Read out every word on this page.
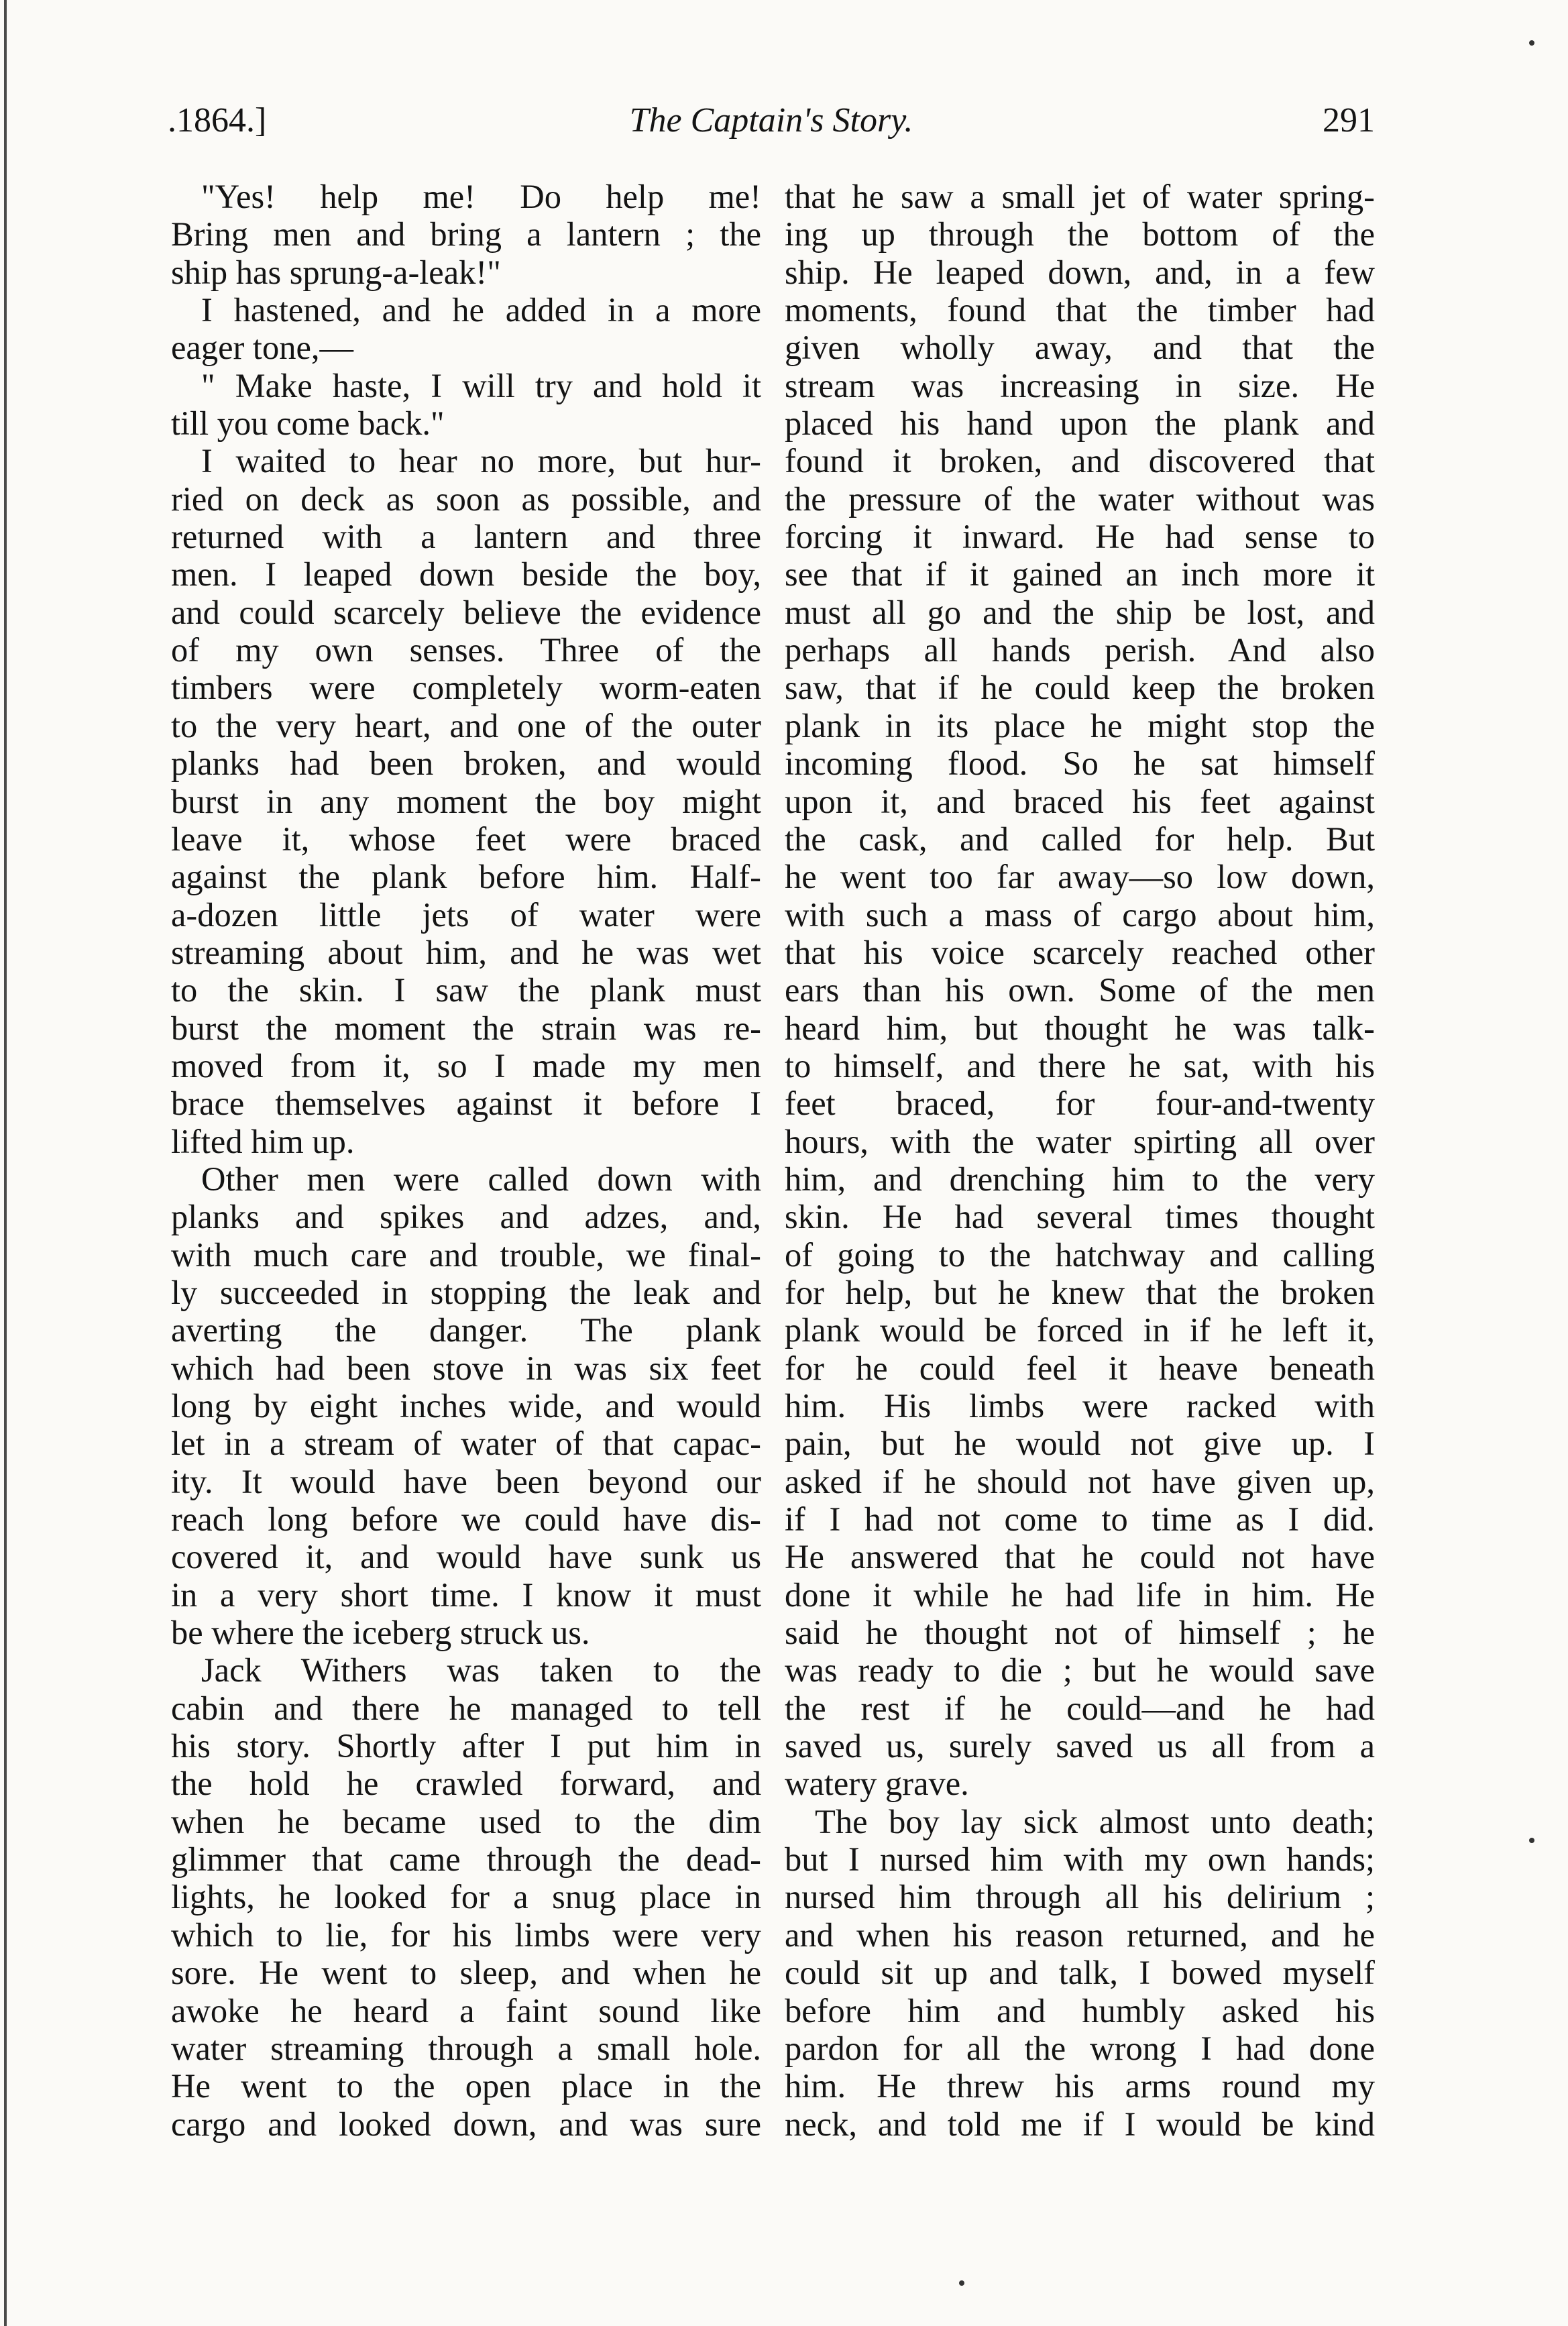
.1864.]	The Captain's Story.	291
"Yes! help me! Do help me!
Bring men and bring a lantern ; the
ship has sprung-a-leak!"
I hastened, and he added in a more
eager tone,—
" Make haste, I will try and hold it
till you come back."
I waited to hear no more, but hur-
ried on deck as soon as possible, and
returned with a lantern and three
men. I leaped down beside the boy,
and could scarcely believe the evidence
of my own senses. Three of the
timbers were completely worm-eaten
to the very heart, and one of the outer
planks had been broken, and would
burst in any moment the boy might
leave it, whose feet were braced
against the plank before him. Half-
a-dozen little jets of water were
streaming about him, and he was wet
to the skin. I saw the plank must
burst the moment the strain was re-
moved from it, so I made my men
brace themselves against it before I
lifted him up.
Other men were called down with
planks and spikes and adzes, and,
with much care and trouble, we final-
ly succeeded in stopping the leak and
averting the danger. The plank
which had been stove in was six feet
long by eight inches wide, and would
let in a stream of water of that capac-
ity. It would have been beyond our
reach long before we could have dis-
covered it, and would have sunk us
in a very short time. I know it must
be where the iceberg struck us.
Jack Withers was taken to the
cabin and there he managed to tell
his story. Shortly after I put him in
the hold he crawled forward, and
when he became used to the dim
glimmer that came through the dead-
lights, he looked for a snug place in
which to lie, for his limbs were very
sore. He went to sleep, and when he
awoke he heard a faint sound like
water streaming through a small hole.
He went to the open place in the
cargo and looked down, and was sure
that he saw a small jet of water spring-
ing up through the bottom of the
ship. He leaped down, and, in a few
moments, found that the timber had
given wholly away, and that the
stream was increasing in size. He
placed his hand upon the plank and
found it broken, and discovered that
the pressure of the water without was
forcing it inward. He had sense to
see that if it gained an inch more it
must all go and the ship be lost, and
perhaps all hands perish. And also
saw, that if he could keep the broken
plank in its place he might stop the
incoming flood. So he sat himself
upon it, and braced his feet against
the cask, and called for help. But
he went too far away—so low down,
with such a mass of cargo about him,
that his voice scarcely reached other
ears than his own. Some of the men
heard him, but thought he was talk-
to himself, and there he sat, with his
feet braced, for four-and-twenty
hours, with the water spirting all over
him, and drenching him to the very
skin. He had several times thought
of going to the hatchway and calling
for help, but he knew that the broken
plank would be forced in if he left it,
for he could feel it heave beneath
him. His limbs were racked with
pain, but he would not give up. I
asked if he should not have given up,
if I had not come to time as I did.
He answered that he could not have
done it while he had life in him. He
said he thought not of himself ; he
was ready to die ; but he would save
the rest if he could—and he had
saved us, surely saved us all from a
watery grave.
The boy lay sick almost unto death;
but I nursed him with my own hands;
nursed him through all his delirium ;
and when his reason returned, and he
could sit up and talk, I bowed myself
before him and humbly asked his
pardon for all the wrong I had done
him. He threw his arms round my
neck, and told me if I would be kind
